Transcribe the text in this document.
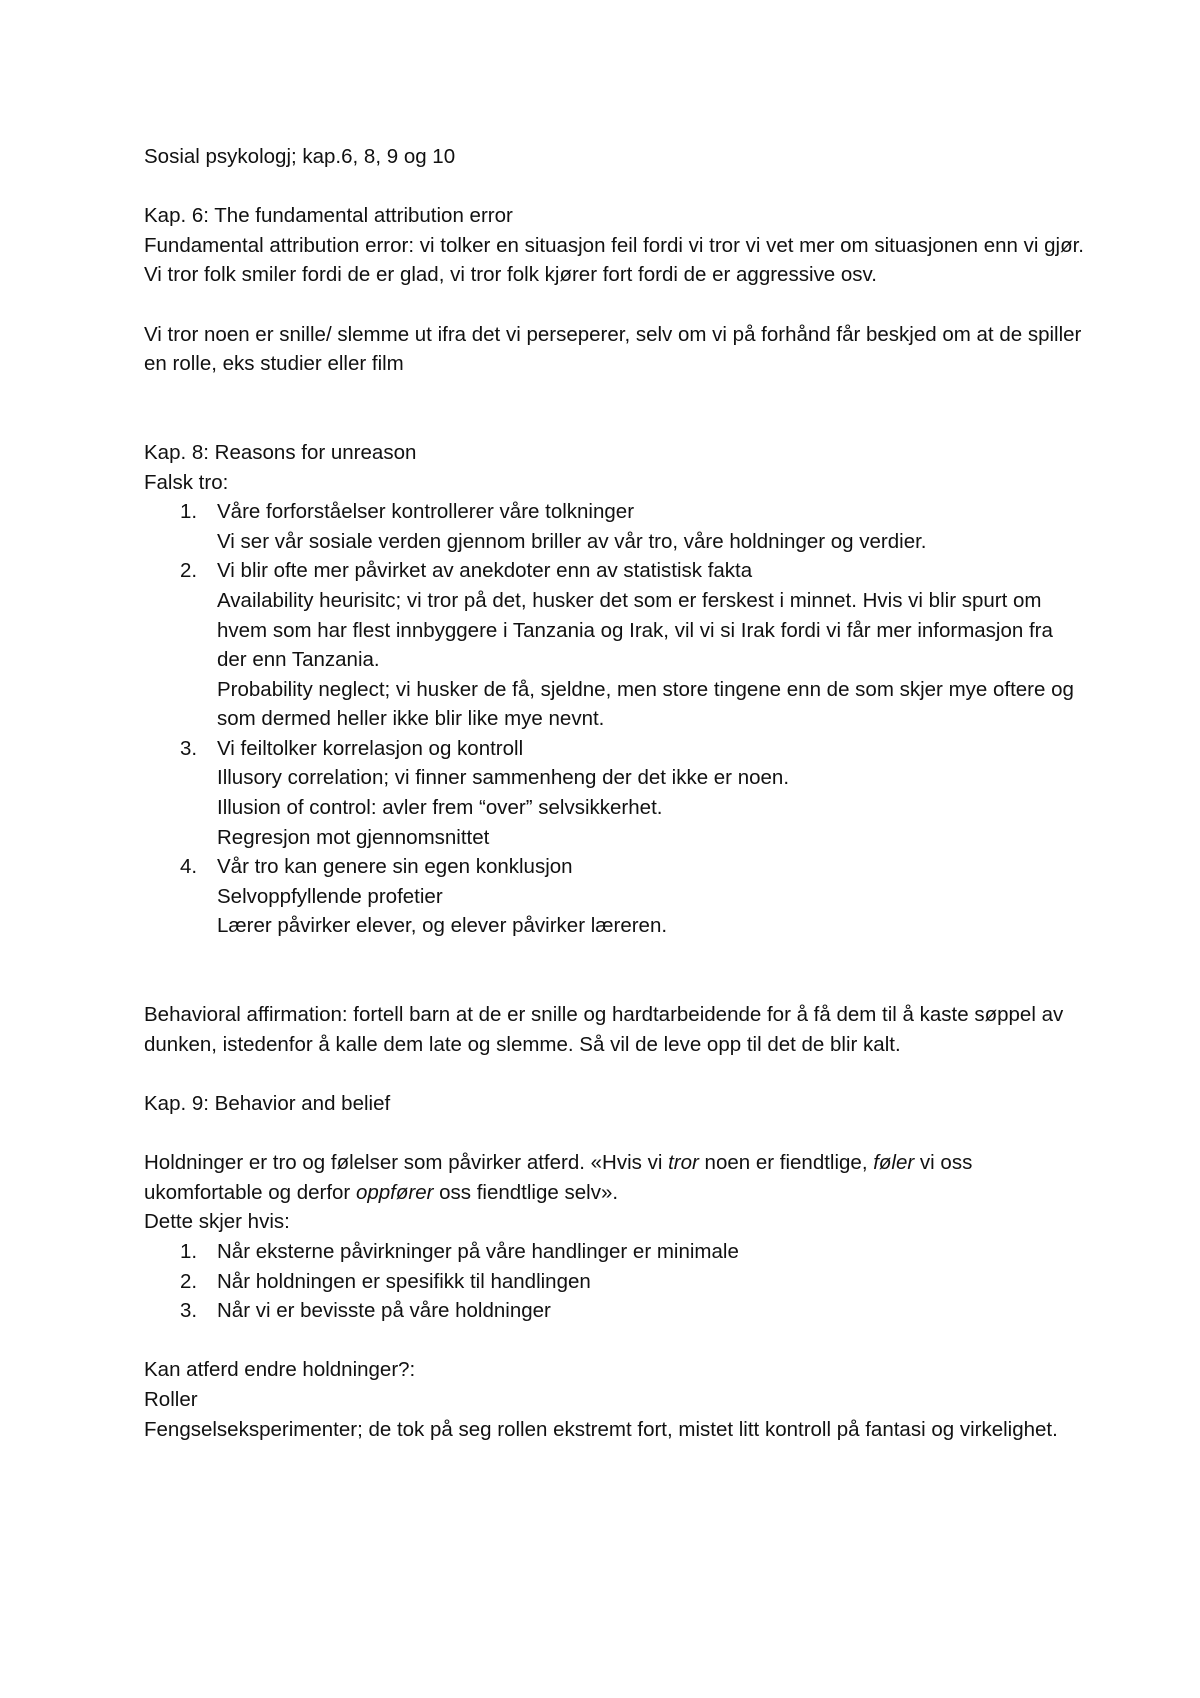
Sosial psykologj; kap.6, 8, 9 og 10

Kap. 6: The fundamental attribution error

Fundamental attribution error: vi tolker en situasjon feil fordi vi tror vi vet mer om situasjonen enn vi gjør. Vi tror folk smiler fordi de er glad, vi tror folk kjører fort fordi de er aggressive osv.

Vi tror noen er snille/ slemme ut ifra det vi perseperer, selv om vi på forhånd får beskjed om at de spiller en rolle, eks studier eller film

Kap. 8: Reasons for unreason

Falsk tro:

1. Våre forforståelser kontrollerer våre tolkninger
Vi ser vår sosiale verden gjennom briller av vår tro, våre holdninger og verdier.
2. Vi blir ofte mer påvirket av anekdoter enn av statistisk fakta
Availability heurisitc; vi tror på det, husker det som er ferskest i minnet. Hvis vi blir spurt om hvem som har flest innbyggere i Tanzania og Irak, vil vi si Irak fordi vi får mer informasjon fra der enn Tanzania.
Probability neglect; vi husker de få, sjeldne, men store tingene enn de som skjer mye oftere og som dermed heller ikke blir like mye nevnt.
3. Vi feiltolker korrelasjon og kontroll
Illusory correlation; vi finner sammenheng der det ikke er noen.
Illusion of control: avler frem “over” selvsikkerhet.
Regresjon mot gjennomsnittet
4. Vår tro kan genere sin egen konklusjon
Selvoppfyllende profetier
Lærer påvirker elever, og elever påvirker læreren.

Behavioral affirmation: fortell barn at de er snille og hardtarbeidende for å få dem til å kaste søppel av dunken, istedenfor å kalle dem late og slemme. Så vil de leve opp til det de blir kalt.

Kap. 9: Behavior and belief

Holdninger er tro og følelser som påvirker atferd. «Hvis vi tror noen er fiendtlige, føler vi oss ukomfortable og derfor oppfører oss fiendtlige selv».

Dette skjer hvis:

1. Når eksterne påvirkninger på våre handlinger er minimale
2. Når holdningen er spesifikk til handlingen
3. Når vi er bevisste på våre holdninger

Kan atferd endre holdninger?:

Roller

Fengselseksperimenter; de tok på seg rollen ekstremt fort, mistet litt kontroll på fantasi og virkelighet.
